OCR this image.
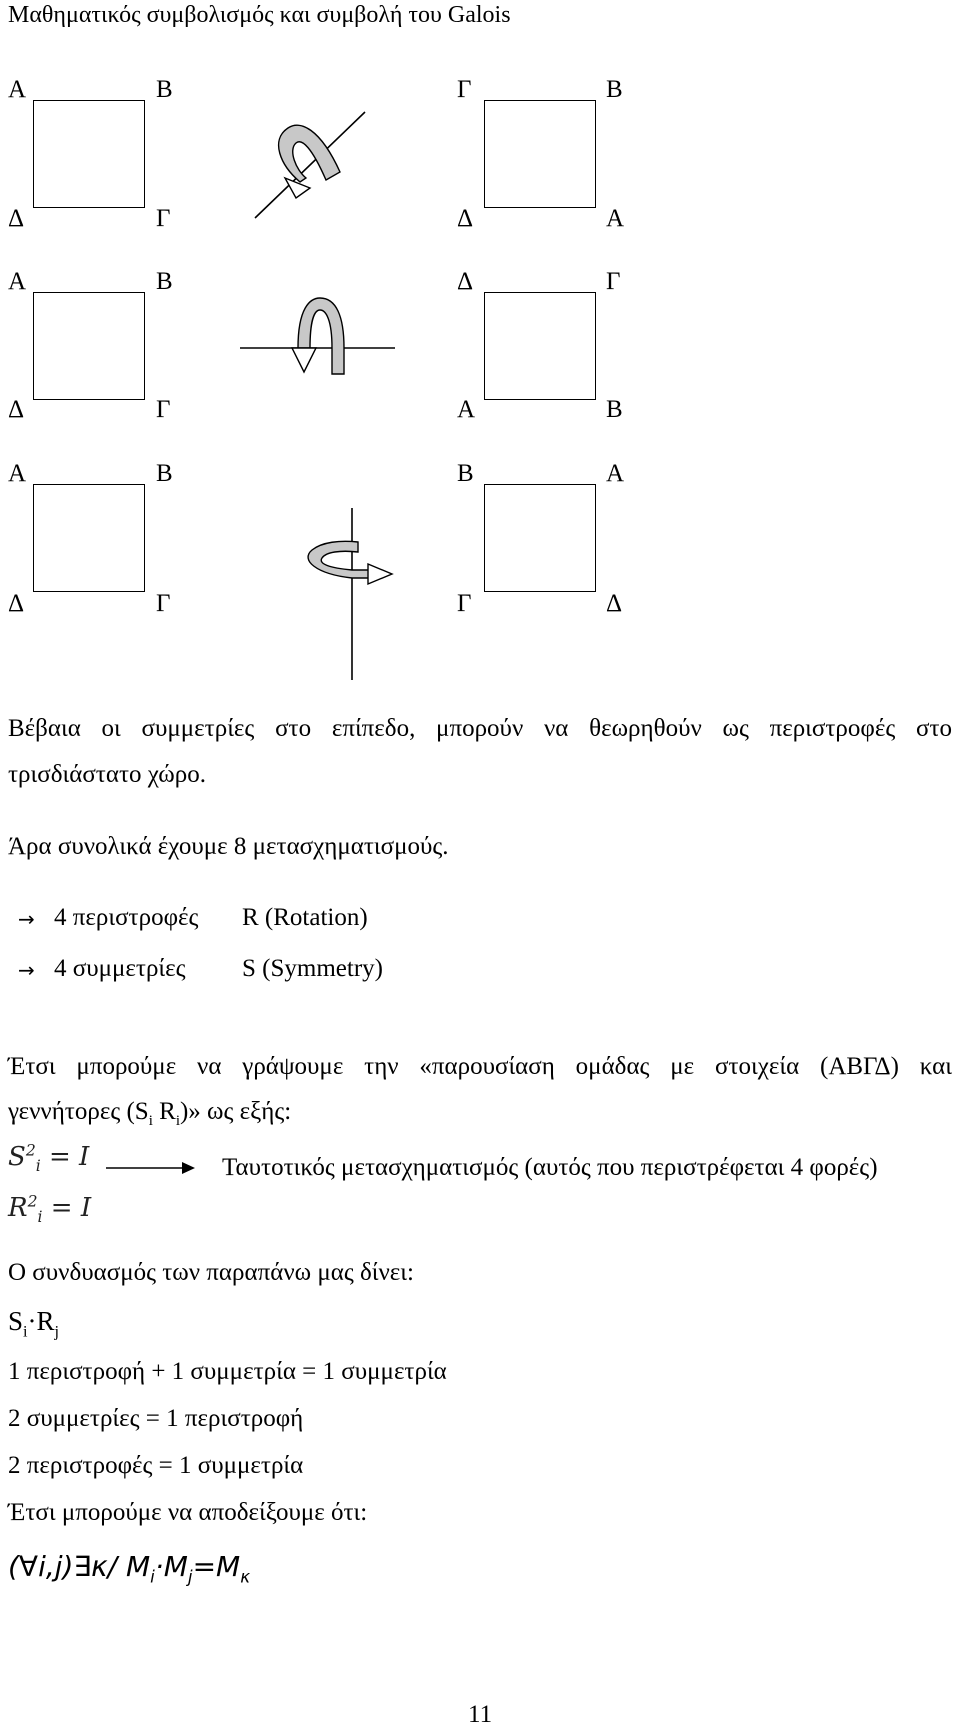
Μαθηματικός συμβολισμός και συμβολή του Galois
Α	Β
Δ	Γ
Γ	Β
Δ	Α
Α	Β
Δ	Γ
Δ	Γ
Α	Β
Α	Β
Δ	Γ
Β	Α
Γ	Δ
Βέβαια οι συμμετρίες στο επίπεδο, μπορούν να θεωρηθούν ως περιστροφές στο
τρισδιάστατο χώρο.
Άρα συνολικά έχουμε 8 μετασχηματισμούς.
→ 4 περιστροφές R (Rotation)
→ 4 συμμετρίες S (Symmetry)
Έτσι μπορούμε να γράψουμε την «παρουσίαση ομάδας με στοιχεία (ΑΒΓΔ) και
γεννήτορες ($S_i$ $R_i$)» ως εξής:
$S^2_i = I$
$R^2_i = I$
Ταυτοτικός μετασχηματισμός (αυτός που περιστρέφεται 4 φορές)
Ο συνδυασμός των παραπάνω μας δίνει:
$S_i\cdot R_j$
1 περιστροφή + 1 συμμετρία = 1 συμμετρία
2 συμμετρίες = 1 περιστροφή
2 περιστροφές = 1 συμμετρία
Έτσι μπορούμε να αποδείξουμε ότι:
(∀i,j)∃κ/ $M_i\cdot M_j=M_\kappa$
11
